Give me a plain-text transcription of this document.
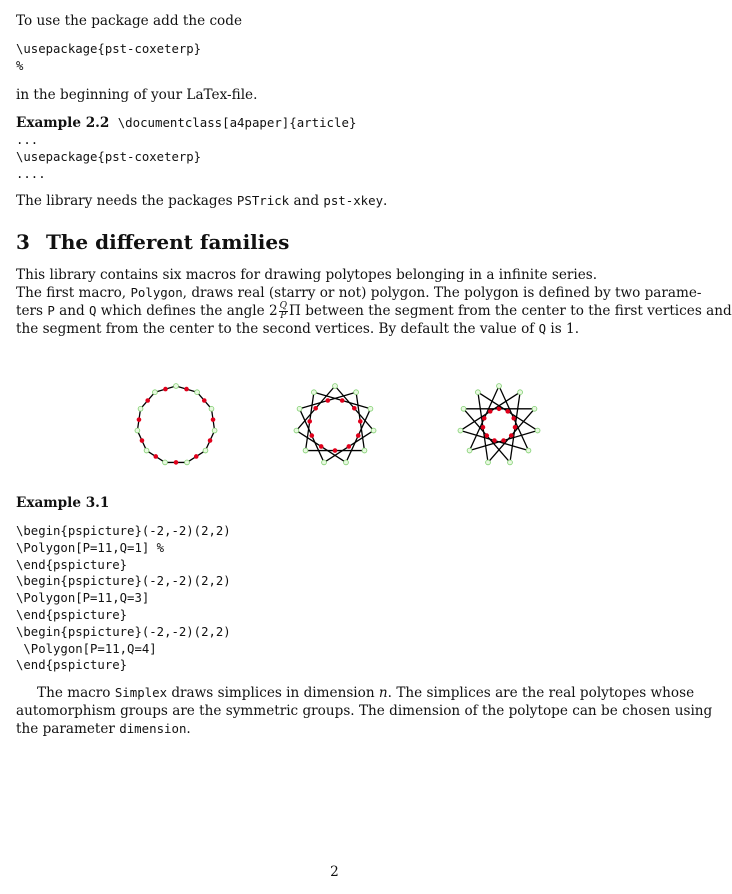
To use the package add the code

\usepackage{pst-coxeterp}
%

in the beginning of your LaTex-file.

Example 2.2 \documentclass[a4paper]{article}

...
\usepackage{pst-coxeterp}
....

The library needs the packages PSTrick and pst-xkey.

3 The different families

This library contains six macros for drawing polytopes belonging in a infinite series.

The first macro, Polygon, draws real (starry or not) polygon. The polygon is defined by two parame-

ters P and Q which defines the angle $2 \frac{Q}{P}$ Π between the segment from the center to the first vertices and

the segment from the center to the second vertices. By default the value of Q is 1.

Example 3.1

\begin{pspicture}(-2,-2)(2,2)
\Polygon[P=11,Q=1] %
\end{pspicture}
\begin{pspicture}(-2,-2)(2,2)
\Polygon[P=11,Q=3]
\end{pspicture}
\begin{pspicture}(-2,-2)(2,2)
\Polygon[P=11,Q=4]
\end{pspicture}

The macro Simplex draws simplices in dimension n. The simplices are the real polytopes whose

automorphism groups are the symmetric groups. The dimension of the polytope can be chosen using

the parameter dimension.

2
